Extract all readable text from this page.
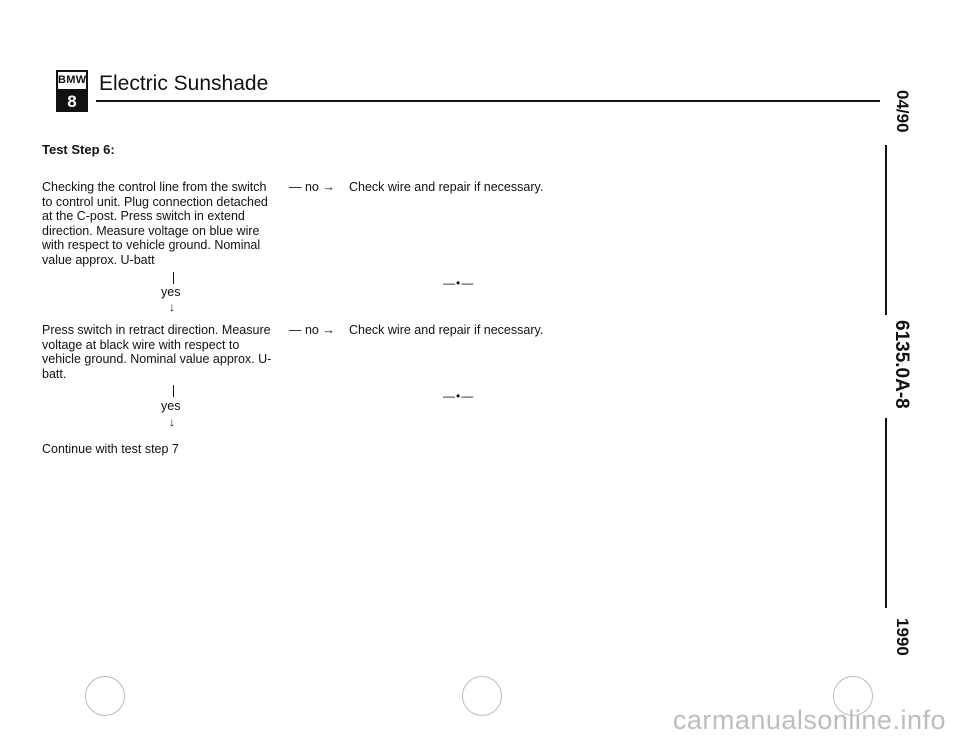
BMW
8
Electric Sunshade
Test Step 6:
Checking the control line from the switch to control unit. Plug connection detached at the C-post. Press switch in extend direction. Measure voltage on blue wire with respect to vehicle ground. Nominal value approx. U-batt
— no → Check wire and repair if necessary.
—•—
yes
↓
Press switch in retract direction. Measure voltage at black wire with respect to vehicle ground. Nominal value approx. U-batt.
— no → Check wire and repair if necessary.
—•—
yes
↓
Continue with test step 7
04/90
6135.0A-8
1990
carmanualsonline.info
